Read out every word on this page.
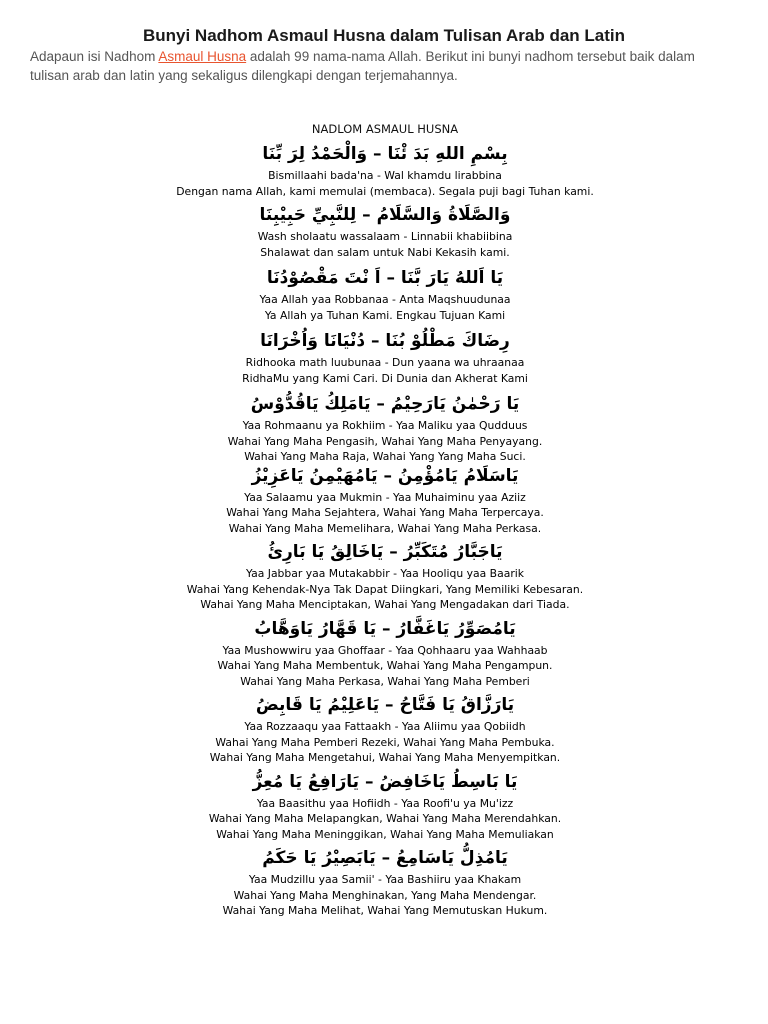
Bunyi Nadhom Asmaul Husna dalam Tulisan Arab dan Latin
Adapaun isi Nadhom Asmaul Husna adalah 99 nama-nama Allah. Berikut ini bunyi nadhom tersebut baik dalam tulisan arab dan latin yang sekaligus dilengkapi dengan terjemahannya.
NADLOM ASMAUL HUSNA
بِسْمِ اللهِ بَدَ ئْنَا – وَالْحَمْدُ لِرَ بِّنَا
Bismillaahi bada'na - Wal khamdu lirabbina
Dengan nama Allah, kami memulai (membaca). Segala puji bagi Tuhan kami.
وَالصَّلَاةُ وَالسَّلَامُ – لِلنَّبِيِّ حَبِيْبِنَا
Wash sholaatu wassalaam - Linnabii khabiibina
Shalawat dan salam untuk Nabi Kekasih kami.
يَا اَللهُ يَارَ بَّنَا – اَ نْتَ مَقْصُوْدُنَا
Yaa Allah yaa Robbanaa - Anta Maqshuudunaa
Ya Allah ya Tuhan Kami. Engkau Tujuan Kami
رِضَاكَ مَطْلُوْ بُنَا – دُنْيَانَا وَاُخْرَانَا
Ridhooka math luubunaa - Dun yaana wa uhraanaa
RidhaMu yang Kami Cari. Di Dunia dan Akherat Kami
يَا رَحْمٰنُ يَارَحِيْمُ – يَامَلِكُ يَاقُدُّوْسُ
Yaa Rohmaanu ya Rokhiim - Yaa Maliku yaa Qudduus
Wahai Yang Maha Pengasih, Wahai Yang Maha Penyayang.
Wahai Yang Maha Raja, Wahai Yang Yang Maha Suci.
يَاسَلَامُ يَامُؤْمِنُ – يَامُهَيْمِنُ يَاعَزِيْزُ
Yaa Salaamu yaa Mukmin - Yaa Muhaiminu yaa Aziiz
Wahai Yang Maha Sejahtera, Wahai Yang Maha Terpercaya.
Wahai Yang Maha Memelihara, Wahai Yang Maha Perkasa.
يَاجَبَّارُ مُتَكَبِّرُ – يَاخَالِقُ يَا بَارِئُ
Yaa Jabbar yaa Mutakabbir - Yaa Hooliqu yaa Baarik
Wahai Yang Kehendak-Nya Tak Dapat Diingkari, Yang Memiliki Kebesaran.
Wahai Yang Maha Menciptakan, Wahai Yang Mengadakan dari Tiada.
يَامُصَوِّرُ يَاغَفَّارُ – يَا قَهَّارُ يَاوَهَّابُ
Yaa Mushowwiru yaa Ghoffaar - Yaa Qohhaaru yaa Wahhaab
Wahai Yang Maha Membentuk, Wahai Yang Maha Pengampun.
Wahai Yang Maha Perkasa, Wahai Yang Maha Pemberi
يَارَزَّاقُ يَا فَتَّاحُ – يَاعَلِيْمُ يَا قَابِضُ
Yaa Rozzaaqu yaa Fattaakh - Yaa Aliimu yaa Qobiidh
Wahai Yang Maha Pemberi Rezeki, Wahai Yang Maha Pembuka.
Wahai Yang Maha Mengetahui, Wahai Yang Maha Menyempitkan.
يَا بَاسِطُ يَاخَافِضُ – يَارَافِعُ يَا مُعِزُّ
Yaa Baasithu yaa Hofiidh - Yaa Roofi'u ya Mu'izz
Wahai Yang Maha Melapangkan, Wahai Yang Maha Merendahkan.
Wahai Yang Maha Meninggikan, Wahai Yang Maha Memuliakan
يَامُذِلُّ يَاسَامِعُ – يَابَصِيْرُ يَا حَكَمُ
Yaa Mudzillu yaa Samii' - Yaa Bashiiru yaa Khakam
Wahai Yang Maha Menghinakan, Yang Maha Mendengar.
Wahai Yang Maha Melihat, Wahai Yang Memutuskan Hukum.
